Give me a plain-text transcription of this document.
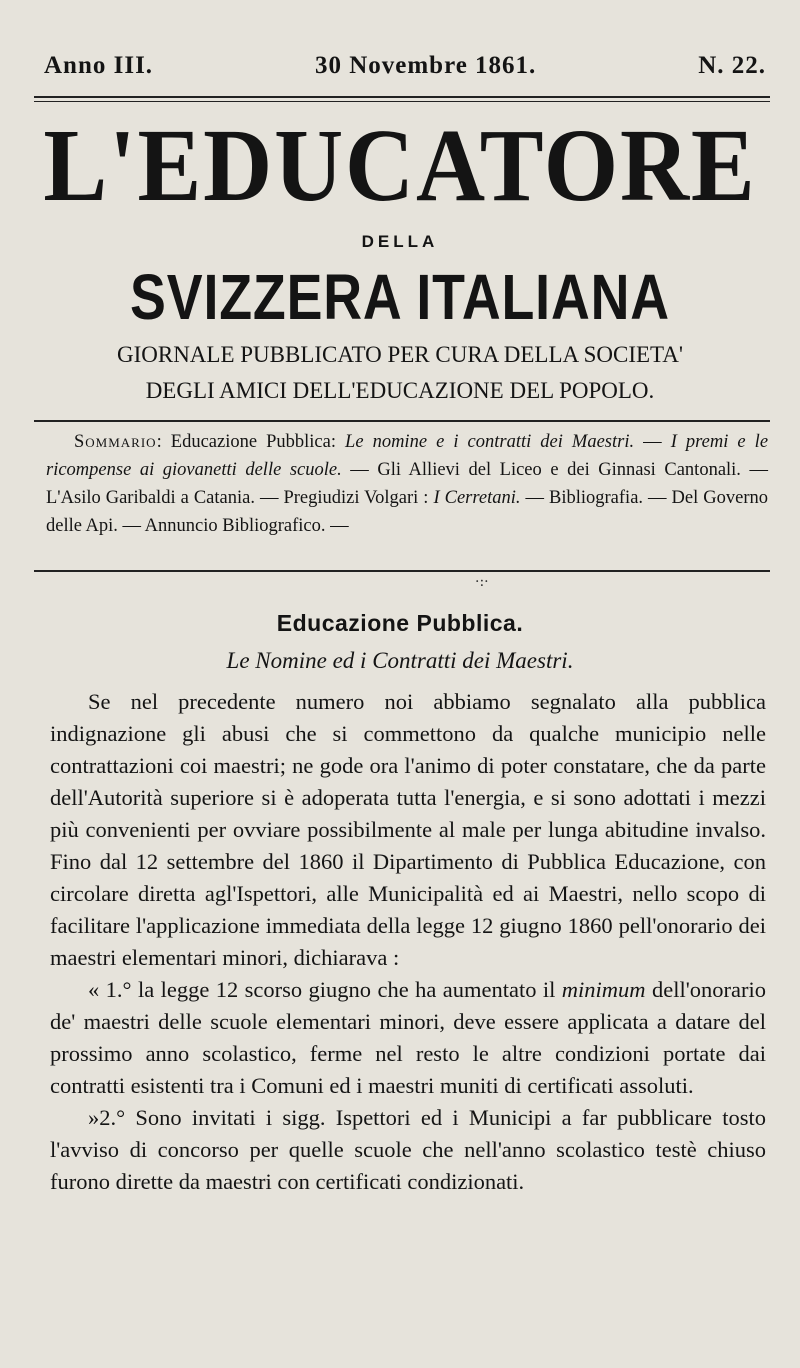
Anno III.	30 Novembre 1861.	N. 22.
L'EDUCATORE
DELLA
SVIZZERA ITALIANA
GIORNALE PUBBLICATO PER CURA DELLA SOCIETA'
DEGLI AMICI DELL'EDUCAZIONE DEL POPOLO.
Sommario: Educazione Pubblica: Le nomine e i contratti dei Maestri. — I premi e le ricompense ai giovanetti delle scuole. — Gli Allievi del Liceo e dei Ginnasi Cantonali. — L'Asilo Garibaldi a Catania. — Pregiudizi Volgari : I Cerretani. — Bibliografia. — Del Governo delle Api. — Annuncio Bibliografico. —
·:·
Educazione Pubblica.
Le Nomine ed i Contratti dei Maestri.

Se nel precedente numero noi abbiamo segnalato alla pubblica indignazione gli abusi che si commettono da qualche municipio nelle contrattazioni coi maestri; ne gode ora l'animo di poter constatare, che da parte dell'Autorità superiore si è adoperata tutta l'energia, e si sono adottati i mezzi più convenienti per ovviare possibilmente al male per lunga abitudine invalso. Fino dal 12 settembre del 1860 il Dipartimento di Pubblica Educazione, con circolare diretta agl'Ispettori, alle Municipalità ed ai Maestri, nello scopo di facilitare l'applicazione immediata della legge 12 giugno 1860 pell'onorario dei maestri elementari minori, dichiarava :

« 1.° la legge 12 scorso giugno che ha aumentato il minimum dell'onorario de' maestri delle scuole elementari minori, deve essere applicata a datare del prossimo anno scolastico, ferme nel resto le altre condizioni portate dai contratti esistenti tra i Comuni ed i maestri muniti di certificati assoluti.

»2.° Sono invitati i sigg. Ispettori ed i Municipi a far pubblicare tosto l'avviso di concorso per quelle scuole che nell'anno scolastico testè chiuso furono dirette da maestri con certificati condizionati.
